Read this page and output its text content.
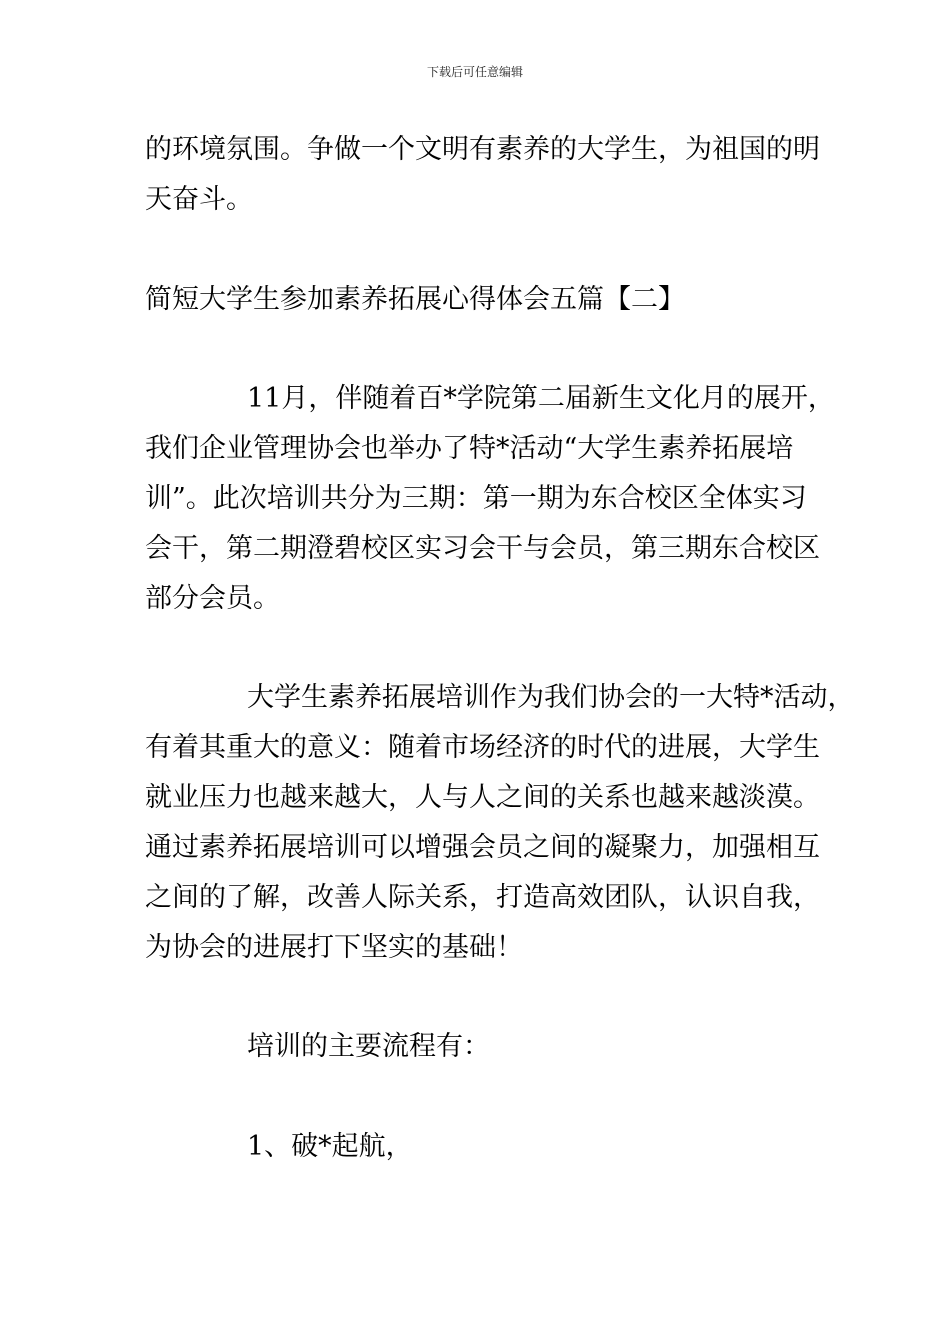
下载后可任意编辑
的环境氛围。争做一个文明有素养的大学生，为祖国的明
天奋斗。
简短大学生参加素养拓展心得体会五篇【二】
11月，伴随着百*学院第二届新生文化月的展开，
我们企业管理协会也举办了特*活动“大学生素养拓展培
训”。此次培训共分为三期：第一期为东合校区全体实习
会干，第二期澄碧校区实习会干与会员，第三期东合校区
部分会员。
大学生素养拓展培训作为我们协会的一大特*活动，
有着其重大的意义：随着市场经济的时代的进展，大学生
就业压力也越来越大，人与人之间的关系也越来越淡漠。
通过素养拓展培训可以增强会员之间的凝聚力，加强相互
之间的了解，改善人际关系，打造高效团队，认识自我，
为协会的进展打下坚实的基础！
培训的主要流程有：
1、破*起航，
